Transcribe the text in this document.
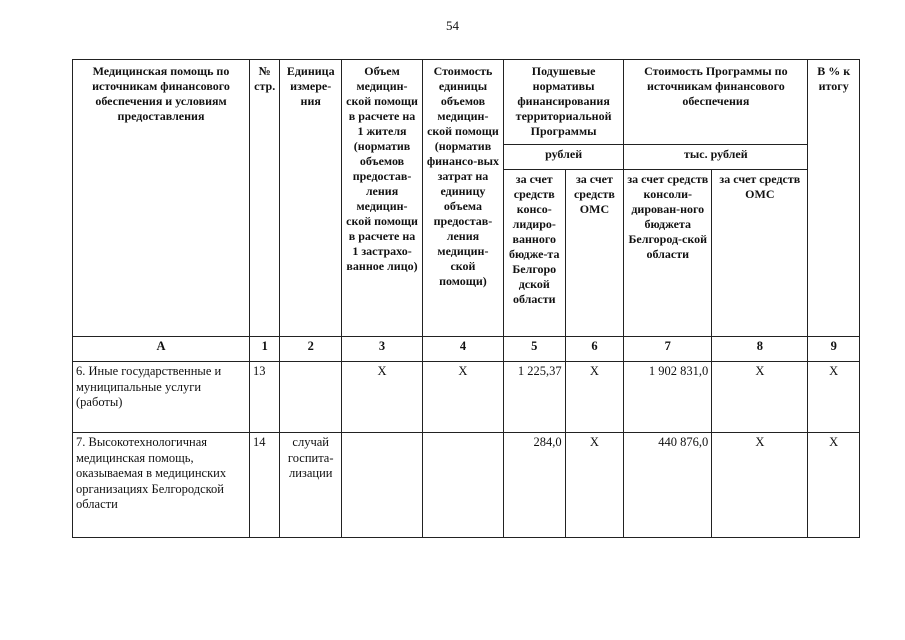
54
Медицинская помощь по источникам финансового обеспечения и условиям предоставления	№ стр.	Единица измере-ния	Объем медицин-ской помощи в расчете на 1 жителя (норматив объемов предостав-ления медицин-ской помощи в расчете на 1 застрахо-ванное лицо)	Стоимость единицы объемов медицин-ской помощи (норматив финансо-вых затрат на единицу объема предостав-ления медицин-ской помощи)	Подушевые нормативы финансирования территориальной Программы		Стоимость Программы по источникам финансового обеспечения		В % к итогу
					рублей		тыс. рублей		
					за счет средств консо-лидиро-ванного бюдже-та Белгоро дской области	за счет средств ОМС	за счет средств консоли-дирован-ного бюджета Белгород-ской области	за счет средств ОМС	
А	1	2	3	4	5	6	7	8	9
6. Иные государственные и муниципальные услуги (работы)	13		X	X	1 225,37	X	1 902 831,0	X	X
7. Высокотехнологичная медицинская помощь, оказываемая в медицинских организациях Белгородской области	14	случай госпита-лизации			284,0	X	440 876,0	X	X
